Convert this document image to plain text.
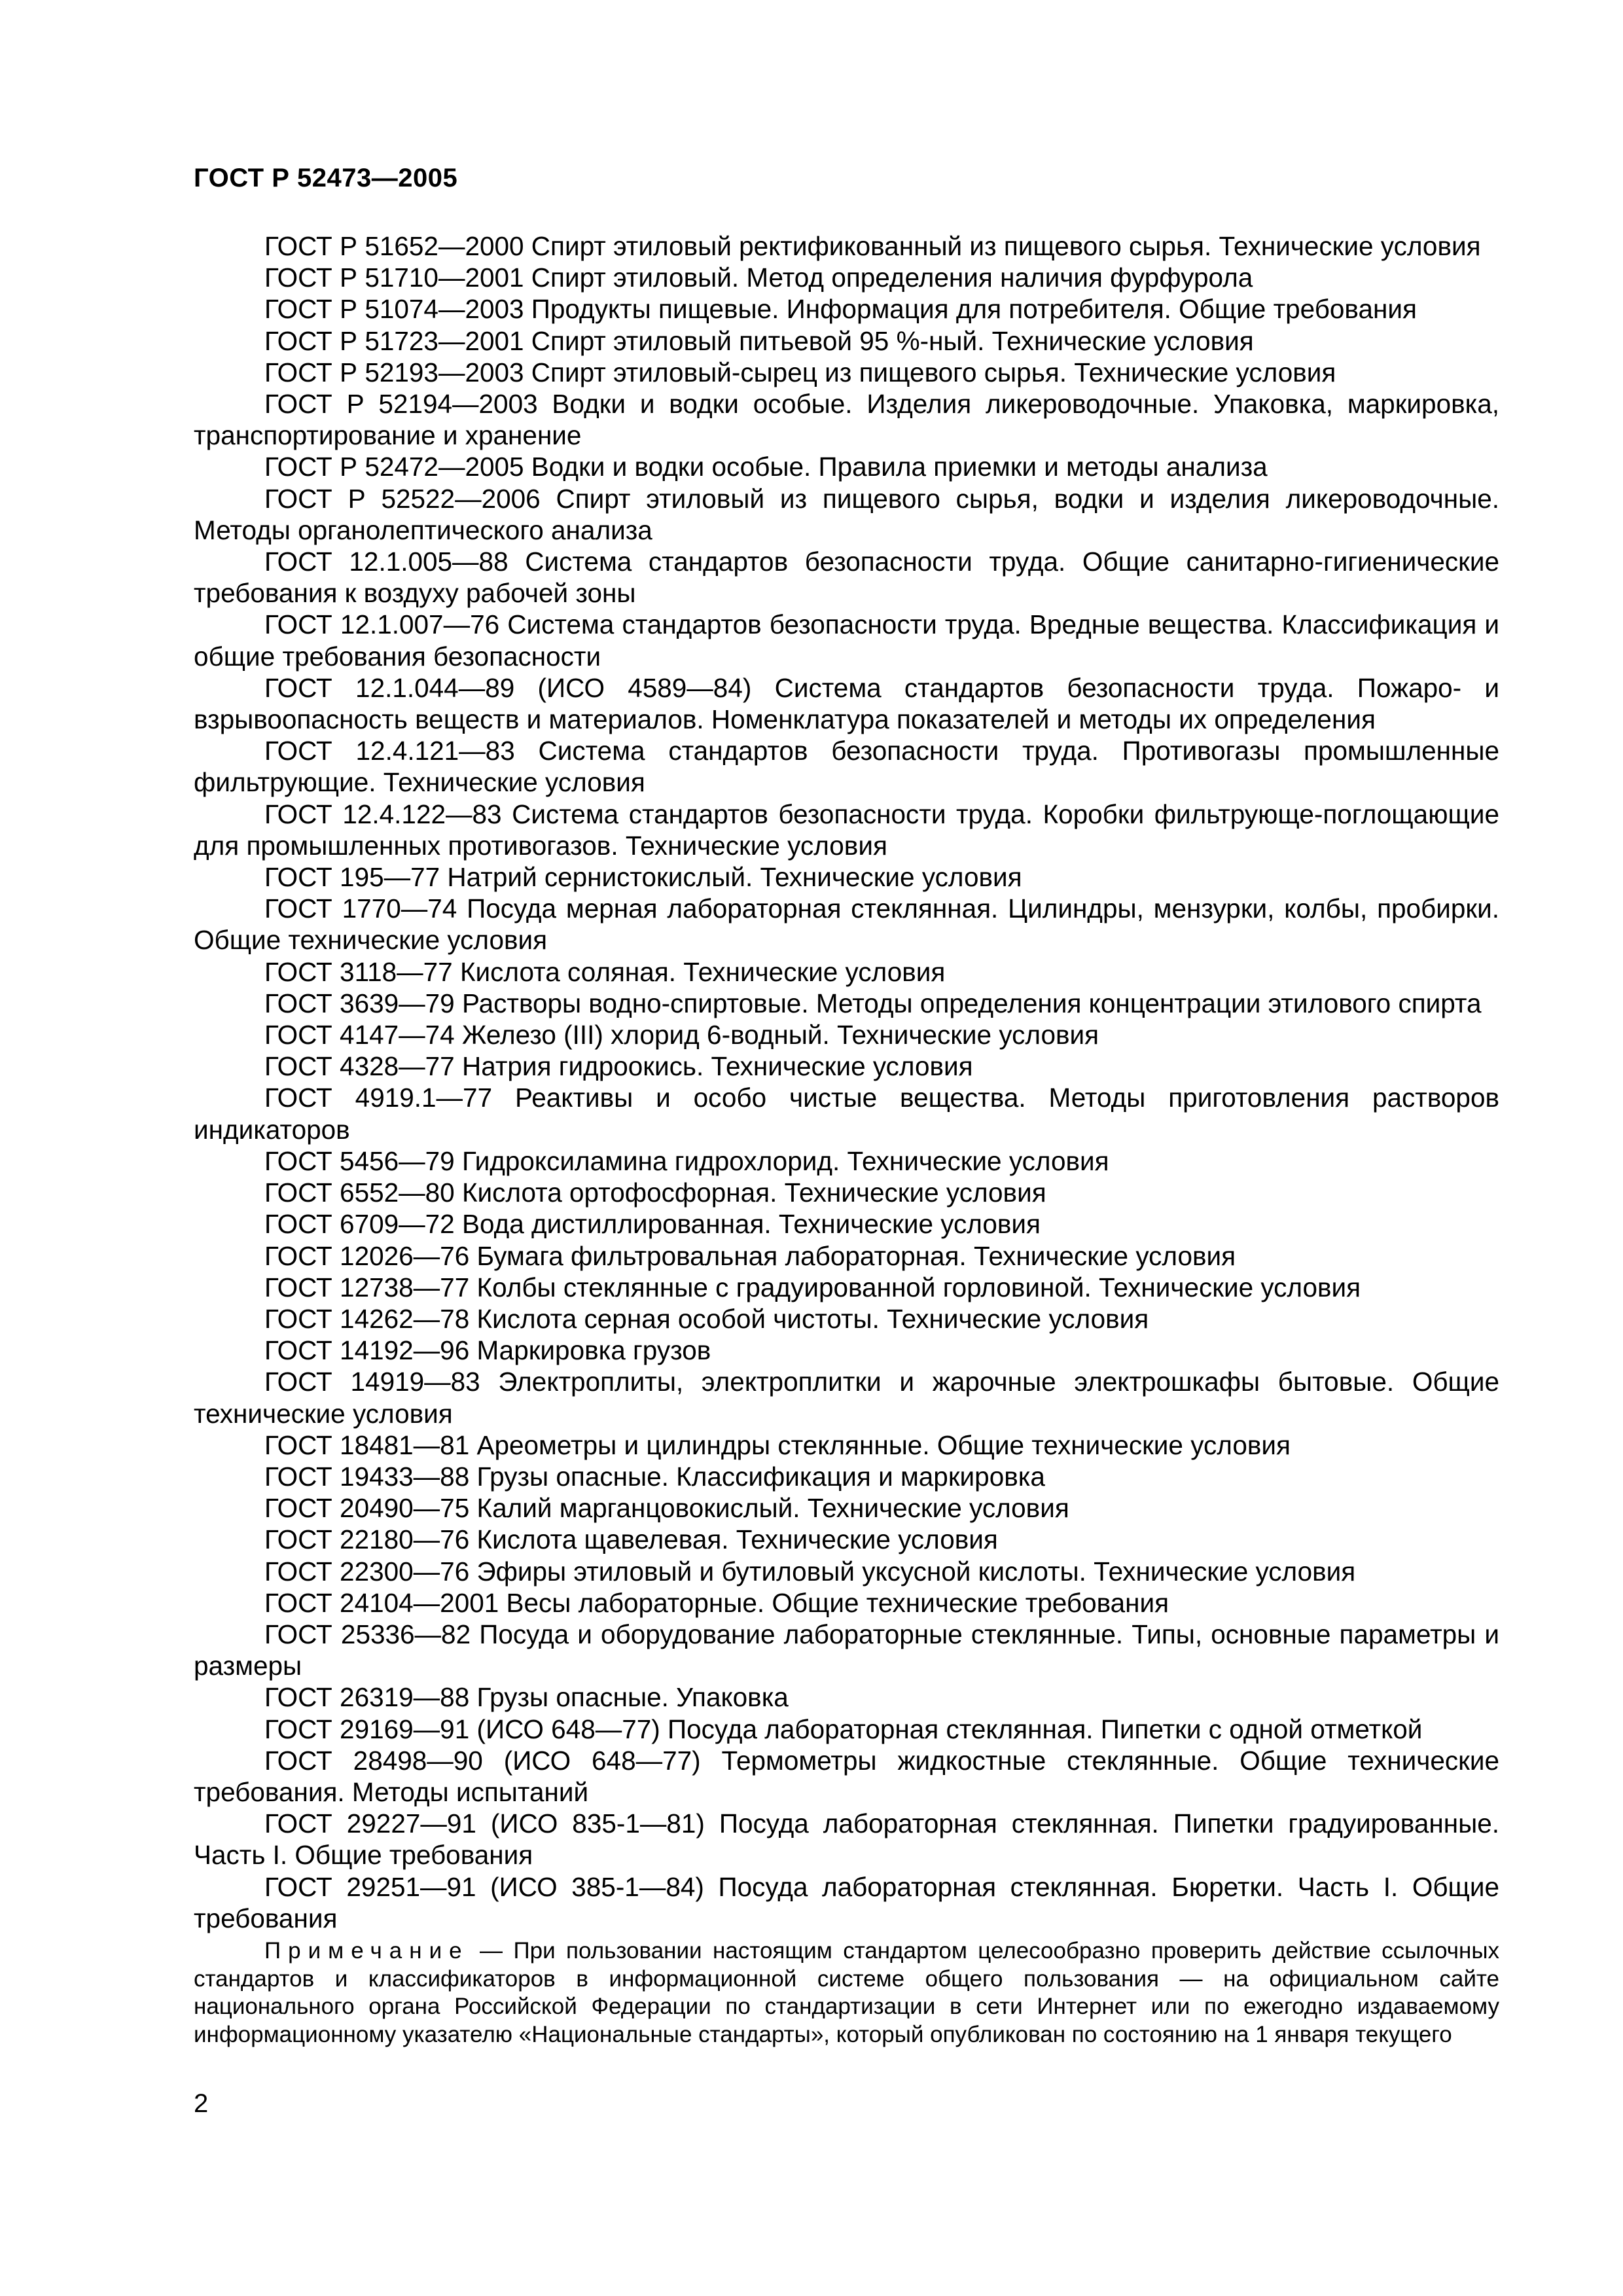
ГОСТ Р 52473—2005

ГОСТ Р 51652—2000 Спирт этиловый ректификованный из пищевого сырья. Технические условия

ГОСТ Р 51710—2001 Спирт этиловый. Метод определения наличия фурфурола

ГОСТ Р 51074—2003 Продукты пищевые. Информация для потребителя. Общие требования

ГОСТ Р 51723—2001 Спирт этиловый питьевой 95 %-ный. Технические условия

ГОСТ Р 52193—2003 Спирт этиловый-сырец из пищевого сырья. Технические условия

ГОСТ Р 52194—2003 Водки и водки особые. Изделия ликероводочные. Упаковка, маркировка, транспортирование и хранение

ГОСТ Р 52472—2005 Водки и водки особые. Правила приемки и методы анализа

ГОСТ Р 52522—2006 Спирт этиловый из пищевого сырья, водки и изделия ликероводочные. Методы органолептического анализа

ГОСТ 12.1.005—88 Система стандартов безопасности труда. Общие санитарно-гигиенические требования к воздуху рабочей зоны

ГОСТ 12.1.007—76 Система стандартов безопасности труда. Вредные вещества. Классификация и общие требования безопасности

ГОСТ 12.1.044—89 (ИСО 4589—84) Система стандартов безопасности труда. Пожаро- и взрывоопасность веществ и материалов. Номенклатура показателей и методы их определения

ГОСТ 12.4.121—83 Система стандартов безопасности труда. Противогазы промышленные фильтрующие. Технические условия

ГОСТ 12.4.122—83 Система стандартов безопасности труда. Коробки фильтрующе-поглощающие для промышленных противогазов. Технические условия

ГОСТ 195—77 Натрий сернистокислый. Технические условия

ГОСТ 1770—74 Посуда мерная лабораторная стеклянная. Цилиндры, мензурки, колбы, пробирки. Общие технические условия

ГОСТ 3118—77 Кислота соляная. Технические условия

ГОСТ 3639—79 Растворы водно-спиртовые. Методы определения концентрации этилового спирта

ГОСТ 4147—74 Железо (III) хлорид 6-водный. Технические условия

ГОСТ 4328—77 Натрия гидроокись. Технические условия

ГОСТ 4919.1—77 Реактивы и особо чистые вещества. Методы приготовления растворов индикаторов

ГОСТ 5456—79 Гидроксиламина гидрохлорид. Технические условия

ГОСТ 6552—80 Кислота ортофосфорная. Технические условия

ГОСТ 6709—72 Вода дистиллированная. Технические условия

ГОСТ 12026—76 Бумага фильтровальная лабораторная. Технические условия

ГОСТ 12738—77 Колбы стеклянные с градуированной горловиной. Технические условия

ГОСТ 14262—78 Кислота серная особой чистоты. Технические условия

ГОСТ 14192—96 Маркировка грузов

ГОСТ 14919—83 Электроплиты, электроплитки и жарочные электрошкафы бытовые. Общие технические условия

ГОСТ 18481—81 Ареометры и цилиндры стеклянные. Общие технические условия

ГОСТ 19433—88 Грузы опасные. Классификация и маркировка

ГОСТ 20490—75 Калий марганцовокислый. Технические условия

ГОСТ 22180—76 Кислота щавелевая. Технические условия

ГОСТ 22300—76 Эфиры этиловый и бутиловый уксусной кислоты. Технические условия

ГОСТ 24104—2001 Весы лабораторные. Общие технические требования

ГОСТ 25336—82 Посуда и оборудование лабораторные стеклянные. Типы, основные параметры и размеры

ГОСТ 26319—88 Грузы опасные. Упаковка

ГОСТ 29169—91 (ИСО 648—77) Посуда лабораторная стеклянная. Пипетки с одной отметкой

ГОСТ 28498—90 (ИСО 648—77) Термометры жидкостные стеклянные. Общие технические требования. Методы испытаний

ГОСТ 29227—91 (ИСО 835-1—81) Посуда лабораторная стеклянная. Пипетки градуированные. Часть I. Общие требования

ГОСТ 29251—91 (ИСО 385-1—84) Посуда лабораторная стеклянная. Бюретки. Часть I. Общие требования

Примечание — При пользовании настоящим стандартом целесообразно проверить действие ссылочных стандартов и классификаторов в информационной системе общего пользования — на официальном сайте национального органа Российской Федерации по стандартизации в сети Интернет или по ежегодно издаваемому информационному указателю «Национальные стандарты», который опубликован по состоянию на 1 января текущего
2
